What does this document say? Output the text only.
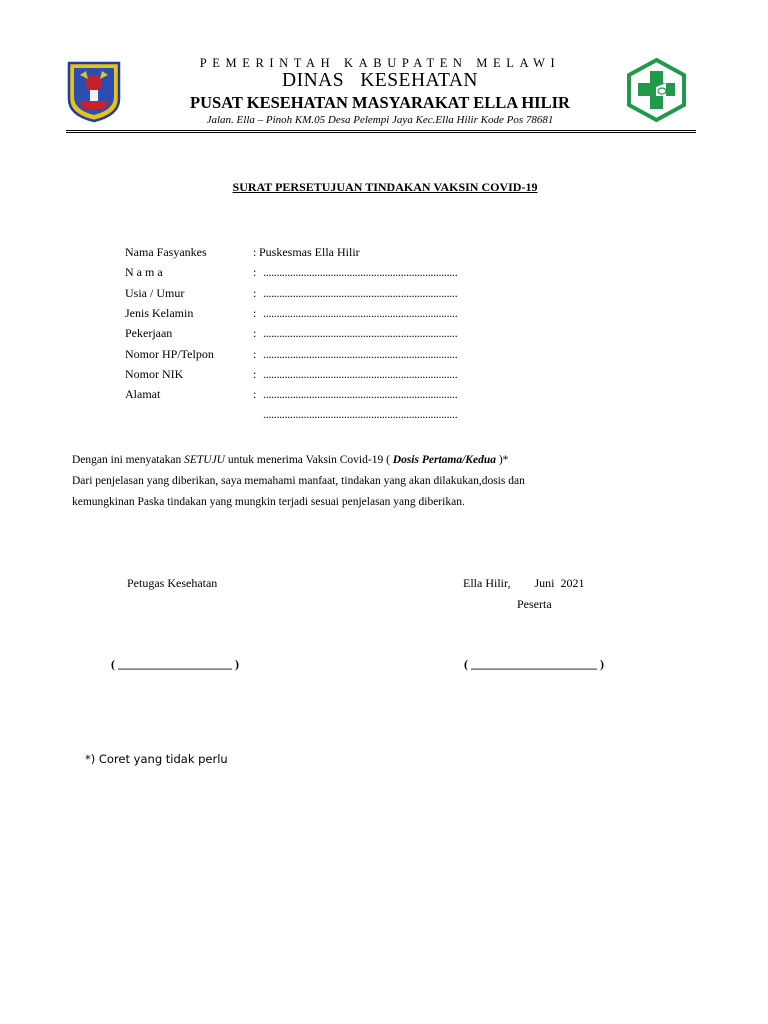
PEMERINTAH KABUPATEN MELAWI
DINAS   KESEHATAN
PUSAT KESEHATAN MASYARAKAT ELLA HILIR
Jalan. Ella – Pinoh KM.05 Desa Pelempi Jaya Kec.Ella Hilir Kode Pos 78681
SURAT PERSETUJUAN TINDAKAN VAKSIN COVID-19
Nama Fasyankes	: Puskesmas Ella Hilir
N a m a	: ........................................................................
Usia / Umur	: ........................................................................
Jenis Kelamin	: ........................................................................
Pekerjaan	: ........................................................................
Nomor HP/Telpon	: ........................................................................
Nomor NIK	: ........................................................................
Alamat	: ........................................................................
........................................................................
Dengan ini menyatakan SETUJU untuk menerima Vaksin Covid-19 ( Dosis Pertama/Kedua )*
Dari penjelasan yang diberikan, saya memahami manfaat, tindakan yang akan dilakukan,dosis dan
kemungkinan Paska tindakan yang mungkin terjadi sesuai penjelasan yang diberikan.
Petugas Kesehatan	Ella Hilir,        Juni  2021
Peserta
( ___________________ )	( _____________________ )
*) Coret yang tidak perlu
